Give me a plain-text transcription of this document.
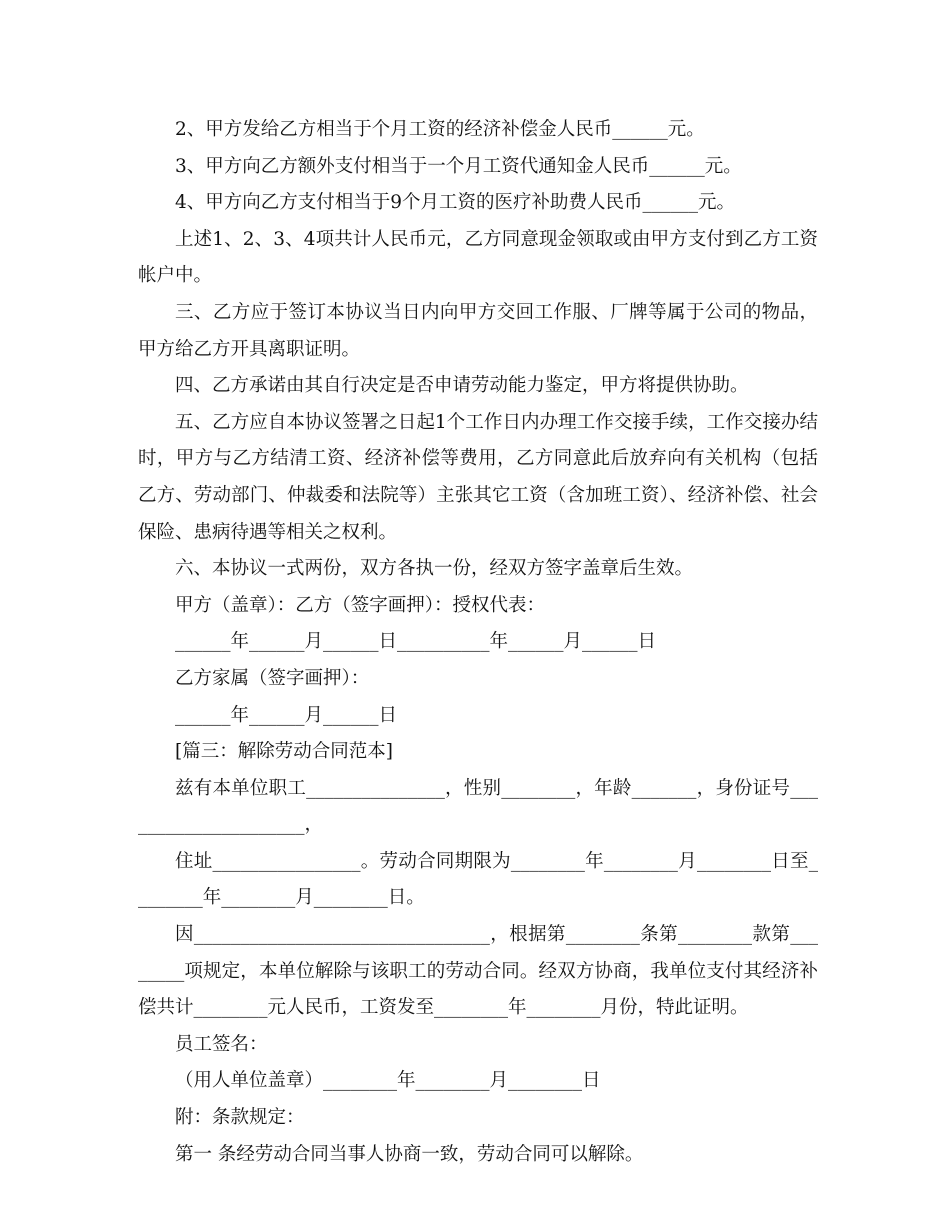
2、甲方发给乙方相当于个月工资的经济补偿金人民币______元。

3、甲方向乙方额外支付相当于一个月工资代通知金人民币______元。

4、甲方向乙方支付相当于9个月工资的医疗补助费人民币______元。

上述1、2、3、4项共计人民币元，乙方同意现金领取或由甲方支付到乙方工资帐户中。

三、乙方应于签订本协议当日内向甲方交回工作服、厂牌等属于公司的物品，甲方给乙方开具离职证明。

四、乙方承诺由其自行决定是否申请劳动能力鉴定，甲方将提供协助。

五、乙方应自本协议签署之日起1个工作日内办理工作交接手续，工作交接办结时，甲方与乙方结清工资、经济补偿等费用，乙方同意此后放弃向有关机构（包括乙方、劳动部门、仲裁委和法院等）主张其它工资（含加班工资）、经济补偿、社会保险、患病待遇等相关之权利。

六、本协议一式两份，双方各执一份，经双方签字盖章后生效。

甲方（盖章）：乙方（签字画押）：授权代表：

______年______月______日__________年______月______日

乙方家属（签字画押）：

______年______月______日

[篇三：解除劳动合同范本]

兹有本单位职工_______________，性别________，年龄_______，身份证号_____________________，

住址________________。劳动合同期限为________年________月________日至________年________月________日。

因________________________________，根据第________条第________款第________项规定，本单位解除与该职工的劳动合同。经双方协商，我单位支付其经济补偿共计________元人民币，工资发至________年________月份，特此证明。

员工签名：

（用人单位盖章）________年________月________日

附：条款规定：

第一 条经劳动合同当事人协商一致，劳动合同可以解除。
